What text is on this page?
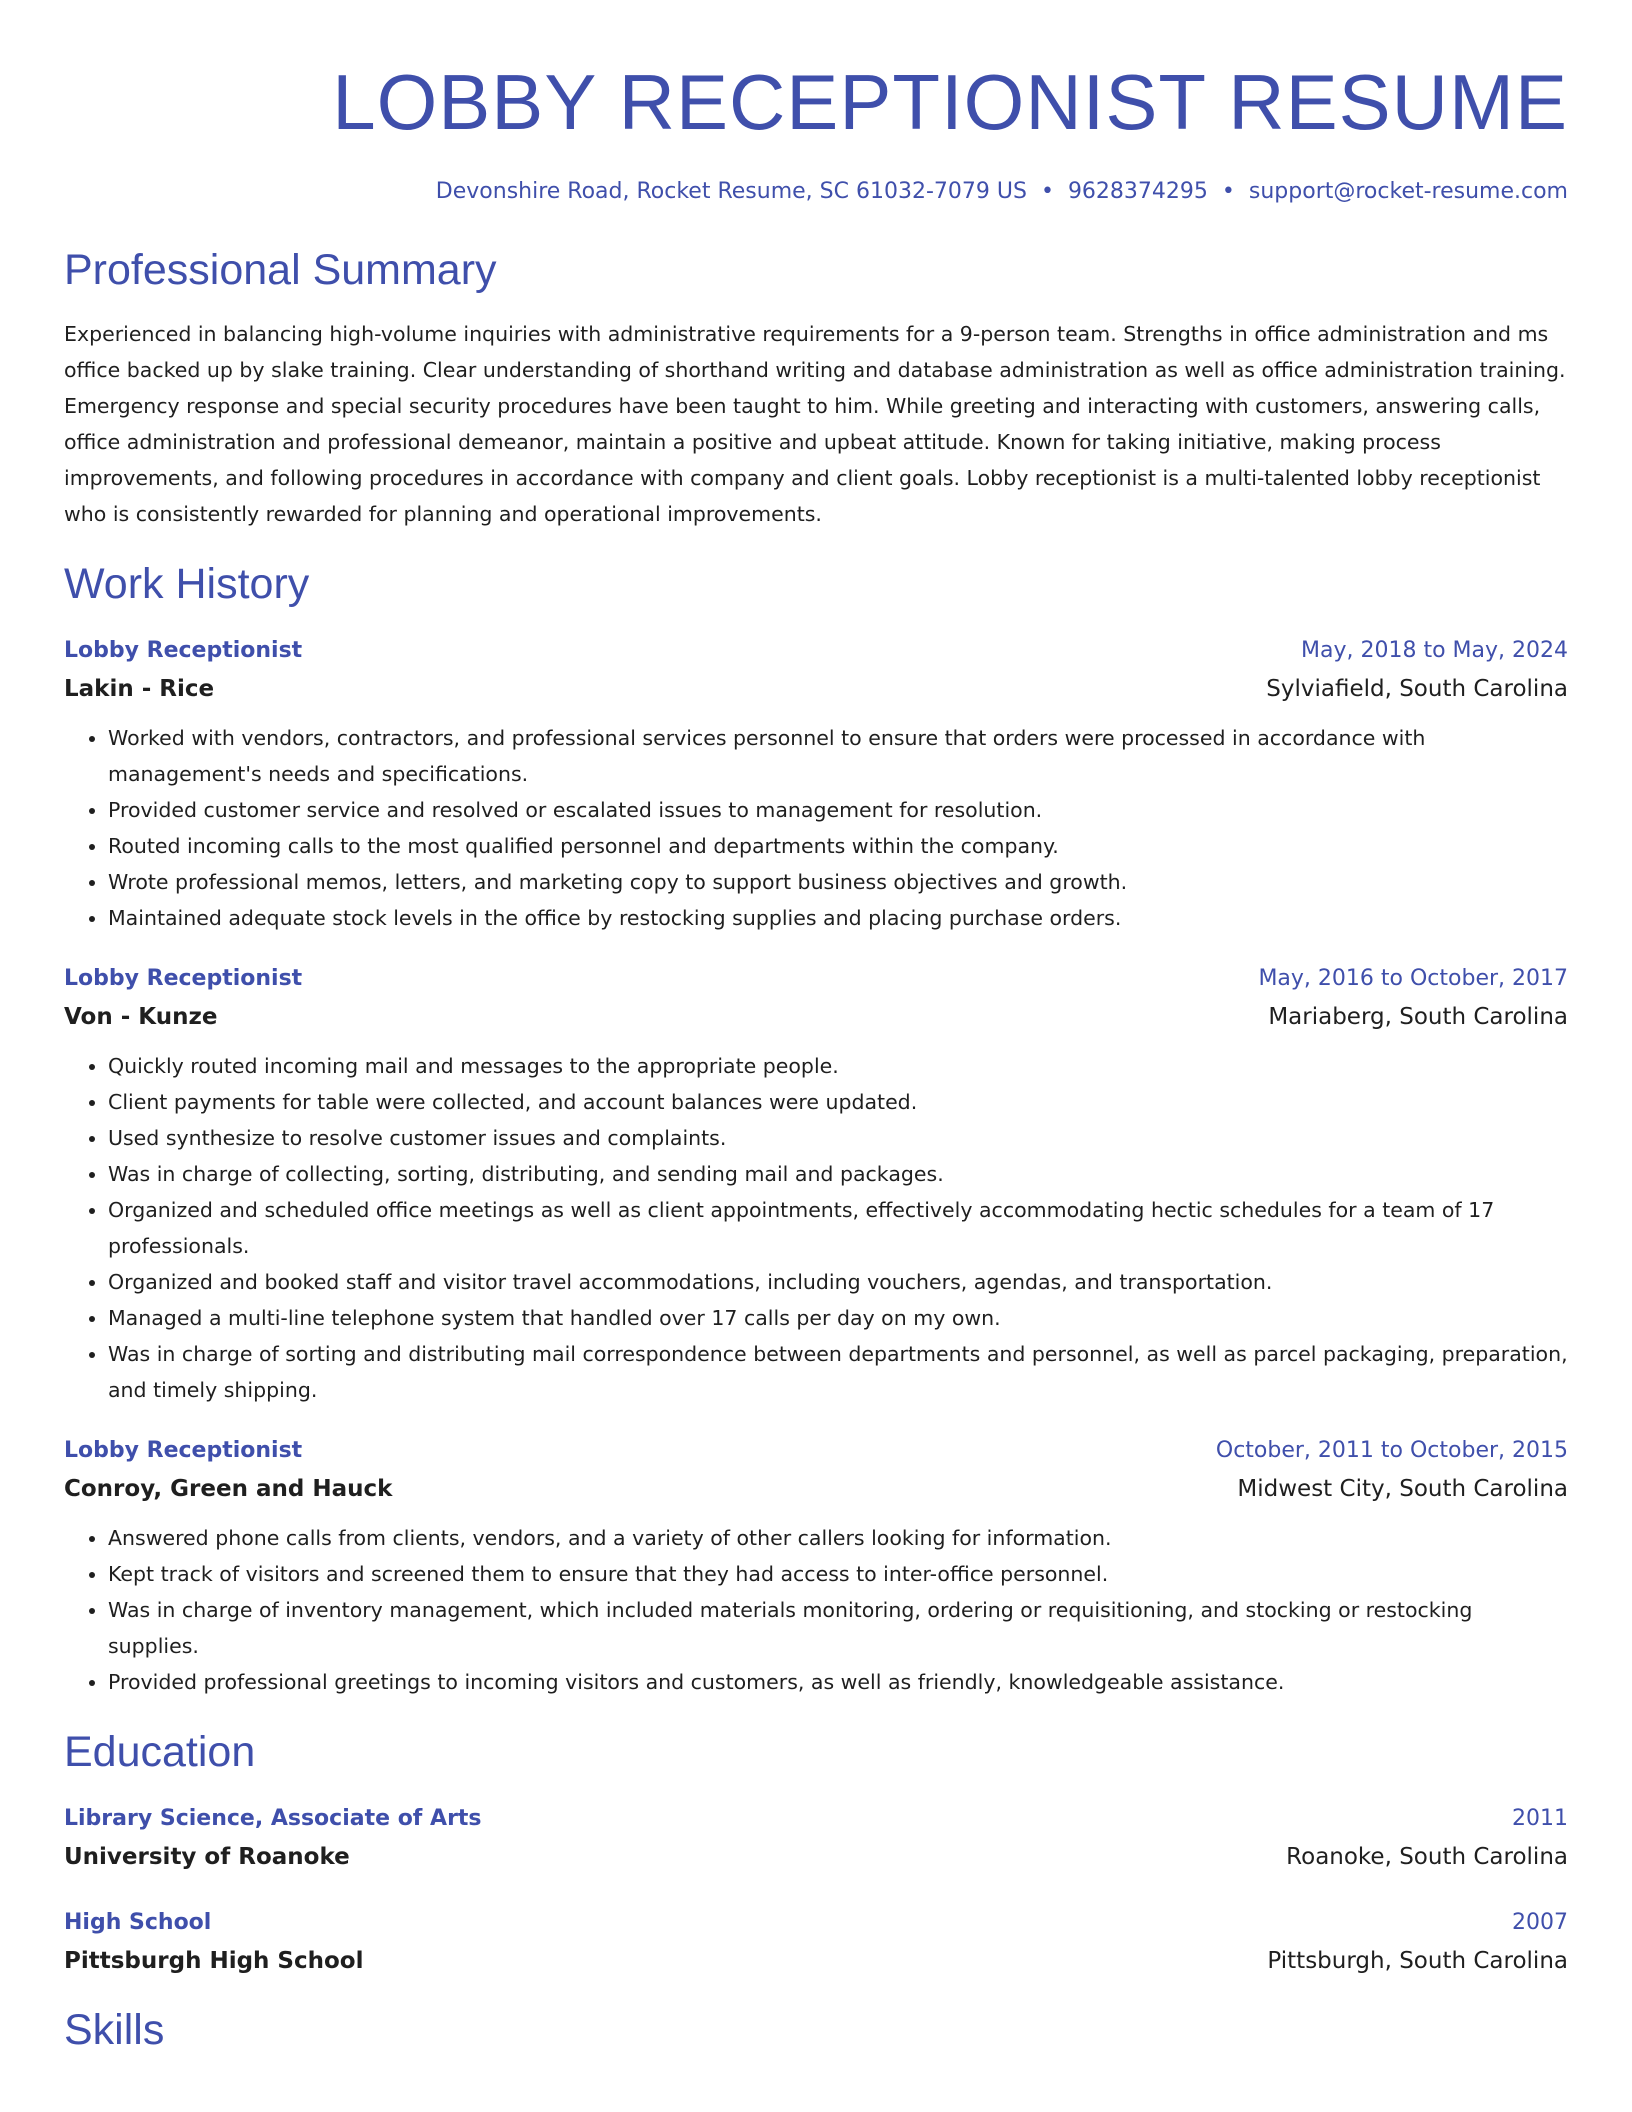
LOBBY RECEPTIONIST RESUME
Devonshire Road, Rocket Resume, SC 61032-7079 US • 9628374295 • support@rocket-resume.com
Professional Summary

Experienced in balancing high-volume inquiries with administrative requirements for a 9-person team. Strengths in office administration and ms office backed up by slake training. Clear understanding of shorthand writing and database administration as well as office administration training. Emergency response and special security procedures have been taught to him. While greeting and interacting with customers, answering calls, office administration and professional demeanor, maintain a positive and upbeat attitude. Known for taking initiative, making process improvements, and following procedures in accordance with company and client goals. Lobby receptionist is a multi-talented lobby receptionist who is consistently rewarded for planning and operational improvements.

Work History
Lobby Receptionist	May, 2018 to May, 2024
Lakin - Rice	Sylviafield, South Carolina
• Worked with vendors, contractors, and professional services personnel to ensure that orders were processed in accordance with management's needs and specifications.
• Provided customer service and resolved or escalated issues to management for resolution.
• Routed incoming calls to the most qualified personnel and departments within the company.
• Wrote professional memos, letters, and marketing copy to support business objectives and growth.
• Maintained adequate stock levels in the office by restocking supplies and placing purchase orders.
Lobby Receptionist	May, 2016 to October, 2017
Von - Kunze	Mariaberg, South Carolina
• Quickly routed incoming mail and messages to the appropriate people.
• Client payments for table were collected, and account balances were updated.
• Used synthesize to resolve customer issues and complaints.
• Was in charge of collecting, sorting, distributing, and sending mail and packages.
• Organized and scheduled office meetings as well as client appointments, effectively accommodating hectic schedules for a team of 17 professionals.
• Organized and booked staff and visitor travel accommodations, including vouchers, agendas, and transportation.
• Managed a multi-line telephone system that handled over 17 calls per day on my own.
• Was in charge of sorting and distributing mail correspondence between departments and personnel, as well as parcel packaging, preparation, and timely shipping.
Lobby Receptionist	October, 2011 to October, 2015
Conroy, Green and Hauck	Midwest City, South Carolina
• Answered phone calls from clients, vendors, and a variety of other callers looking for information.
• Kept track of visitors and screened them to ensure that they had access to inter-office personnel.
• Was in charge of inventory management, which included materials monitoring, ordering or requisitioning, and stocking or restocking supplies.
• Provided professional greetings to incoming visitors and customers, as well as friendly, knowledgeable assistance.
Education
Library Science, Associate of Arts	2011
University of Roanoke	Roanoke, South Carolina
High School	2007
Pittsburgh High School	Pittsburgh, South Carolina
Skills
